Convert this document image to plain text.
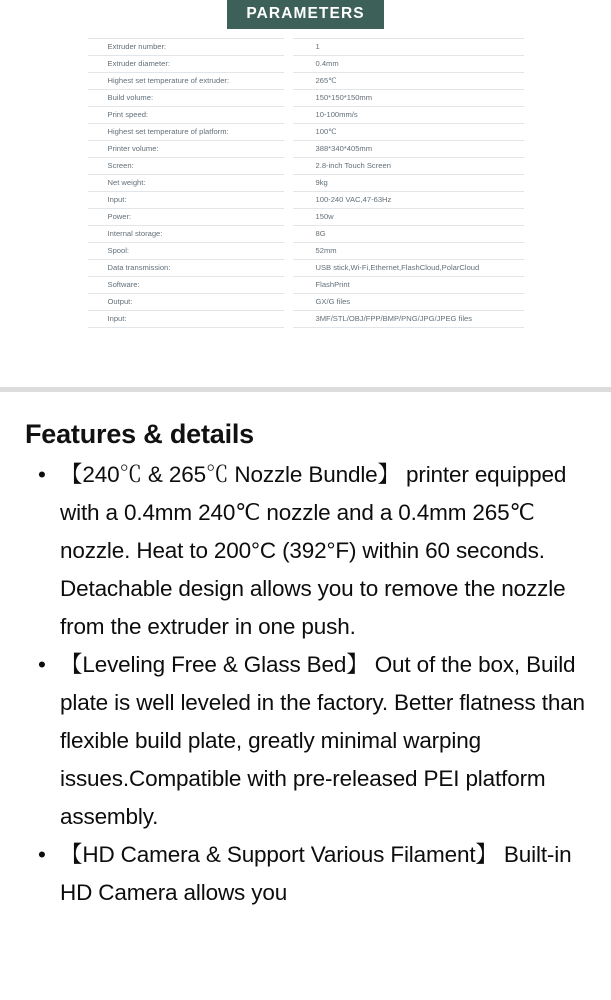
PARAMETERS
Extruder number:		1
Extruder diameter:		0.4mm
Highest set temperature of extruder:		265℃
Build volume:		150*150*150mm
Print speed:		10-100mm/s
Highest set temperature of platform:		100℃
Printer volume:		388*340*405mm
Screen:		2.8-inch Touch Screen
Net weight:		9kg
Input:		100-240 VAC,47-63Hz
Power:		150w
Internal storage:		8G
Spool:		52mm
Data transmission:		USB stick,Wi-Fi,Ethernet,FlashCloud,PolarCloud
Software:		FlashPrint
Output:		GX/G files
Input:		3MF/STL/OBJ/FPP/BMP/PNG/JPG/JPEG files
Features & details
• 【240℃ & 265℃ Nozzle Bundle】 printer equipped with a 0.4mm 240℃ nozzle and a 0.4mm 265℃ nozzle. Heat to 200°C (392°F) within 60 seconds. Detachable design allows you to remove the nozzle from the extruder in one push.
• 【Leveling Free & Glass Bed】 Out of the box, Build plate is well leveled in the factory. Better flatness than flexible build plate, greatly minimal warping issues.Compatible with pre-released PEI platform assembly.
• 【HD Camera & Support Various Filament】 Built-in HD Camera allows you
